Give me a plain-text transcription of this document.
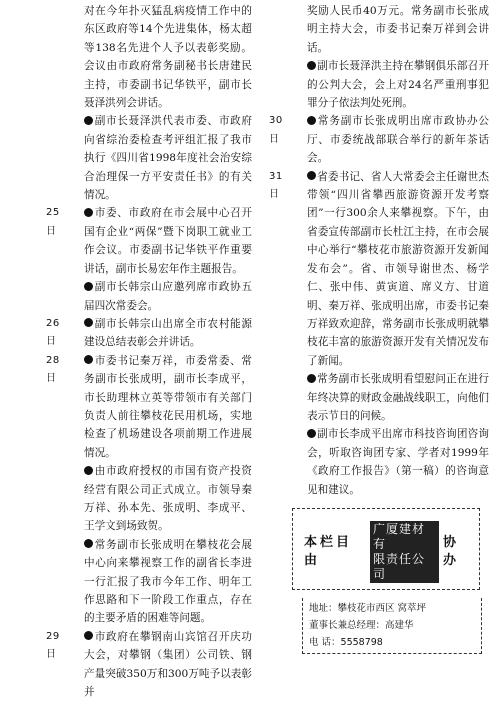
对在今年扑灭猛乱病疫情工作中的东区政府等14个先进集体，杨太超等138名先进个人予以表彰奖励。会议由市政府常务副秘书长唐建民主持，市委副书记华铁平，副市长聂泽洪列会讲话。

副市长聂泽洪代表市委、市政府向省综治委检查考评组汇报了我市执行《四川省1998年度社会治安综合治理保一方平安责任书》的有关情况。

25 日

市委、市政府在市会展中心召开国有企业“两保”暨下岗职工就业工作会议。市委副书记华铁平作重要讲话，副市长易宏年作主题报告。

副市长韩宗山应邀列席市政协五届四次常委会。

26 日

副市长韩宗山出席全市农村能源建设总结表彰会并讲话。

28 日

市委书记秦万祥，市委常委、常务副市长张成明，副市长李成平，市长助理林立英等带领市有关部门负责人前往攀枝花民用机场，实地检查了机场建设各项前期工作进展情况。

由市政府授权的市国有资产投资经营有限公司正式成立。市领导秦万祥、孙本先、张成明、李成平、王学文到场致贺。

常务副市长张成明在攀枝花会展中心向来攀视察工作的副省长李进一行汇报了我市今年工作、明年工作思路和下一阶段工作重点，存在的主要矛盾的困难等问题。

29 日

市政府在攀钢南山宾馆召开庆功大会，对攀钢（集团）公司铁、钢产量突破350万和300万吨予以表彰并

奖励人民币40万元。常务副市长张成明主持大会，市委书记秦万祥到会讲话。

副市长聂泽洪主持在攀钢俱乐部召开的公判大会，会上对24名严重刑事犯罪分子依法判处死刑。

30 日

常务副市长张成明出席市政协办公厅、市委统战部联合举行的新年茶话会。

31 日

省委书记、省人大常委会主任谢世杰带领“四川省攀西旅游资源开发考察团”一行300余人来攀视察。下午，由省委宣传部副市长杜江主持，在市会展中心举行“攀枝花市旅游资源开发新闻发布会”。省、市领导谢世杰、杨学仁、张中伟、黄寅道、席义方、甘道明、秦万祥、张成明出席，市委书记秦万祥致欢迎辞，常务副市长张成明就攀枝花丰富的旅游资源开发有关情况发布了新闻。

常务副市长张成明看望慰问正在进行年终决算的财政金融战线职工，向他们表示节日的问候。

副市长李成平出席市科技咨询团咨询会，听取咨询团专家、学者对1999年《政府工作报告》（第一稿）的咨询意见和建议。

本栏目由
广厦建材有
限责任公司
协办
地址：攀枝花市西区 窝萃坪
董事长兼总经理：高建华
电 话：5558798
